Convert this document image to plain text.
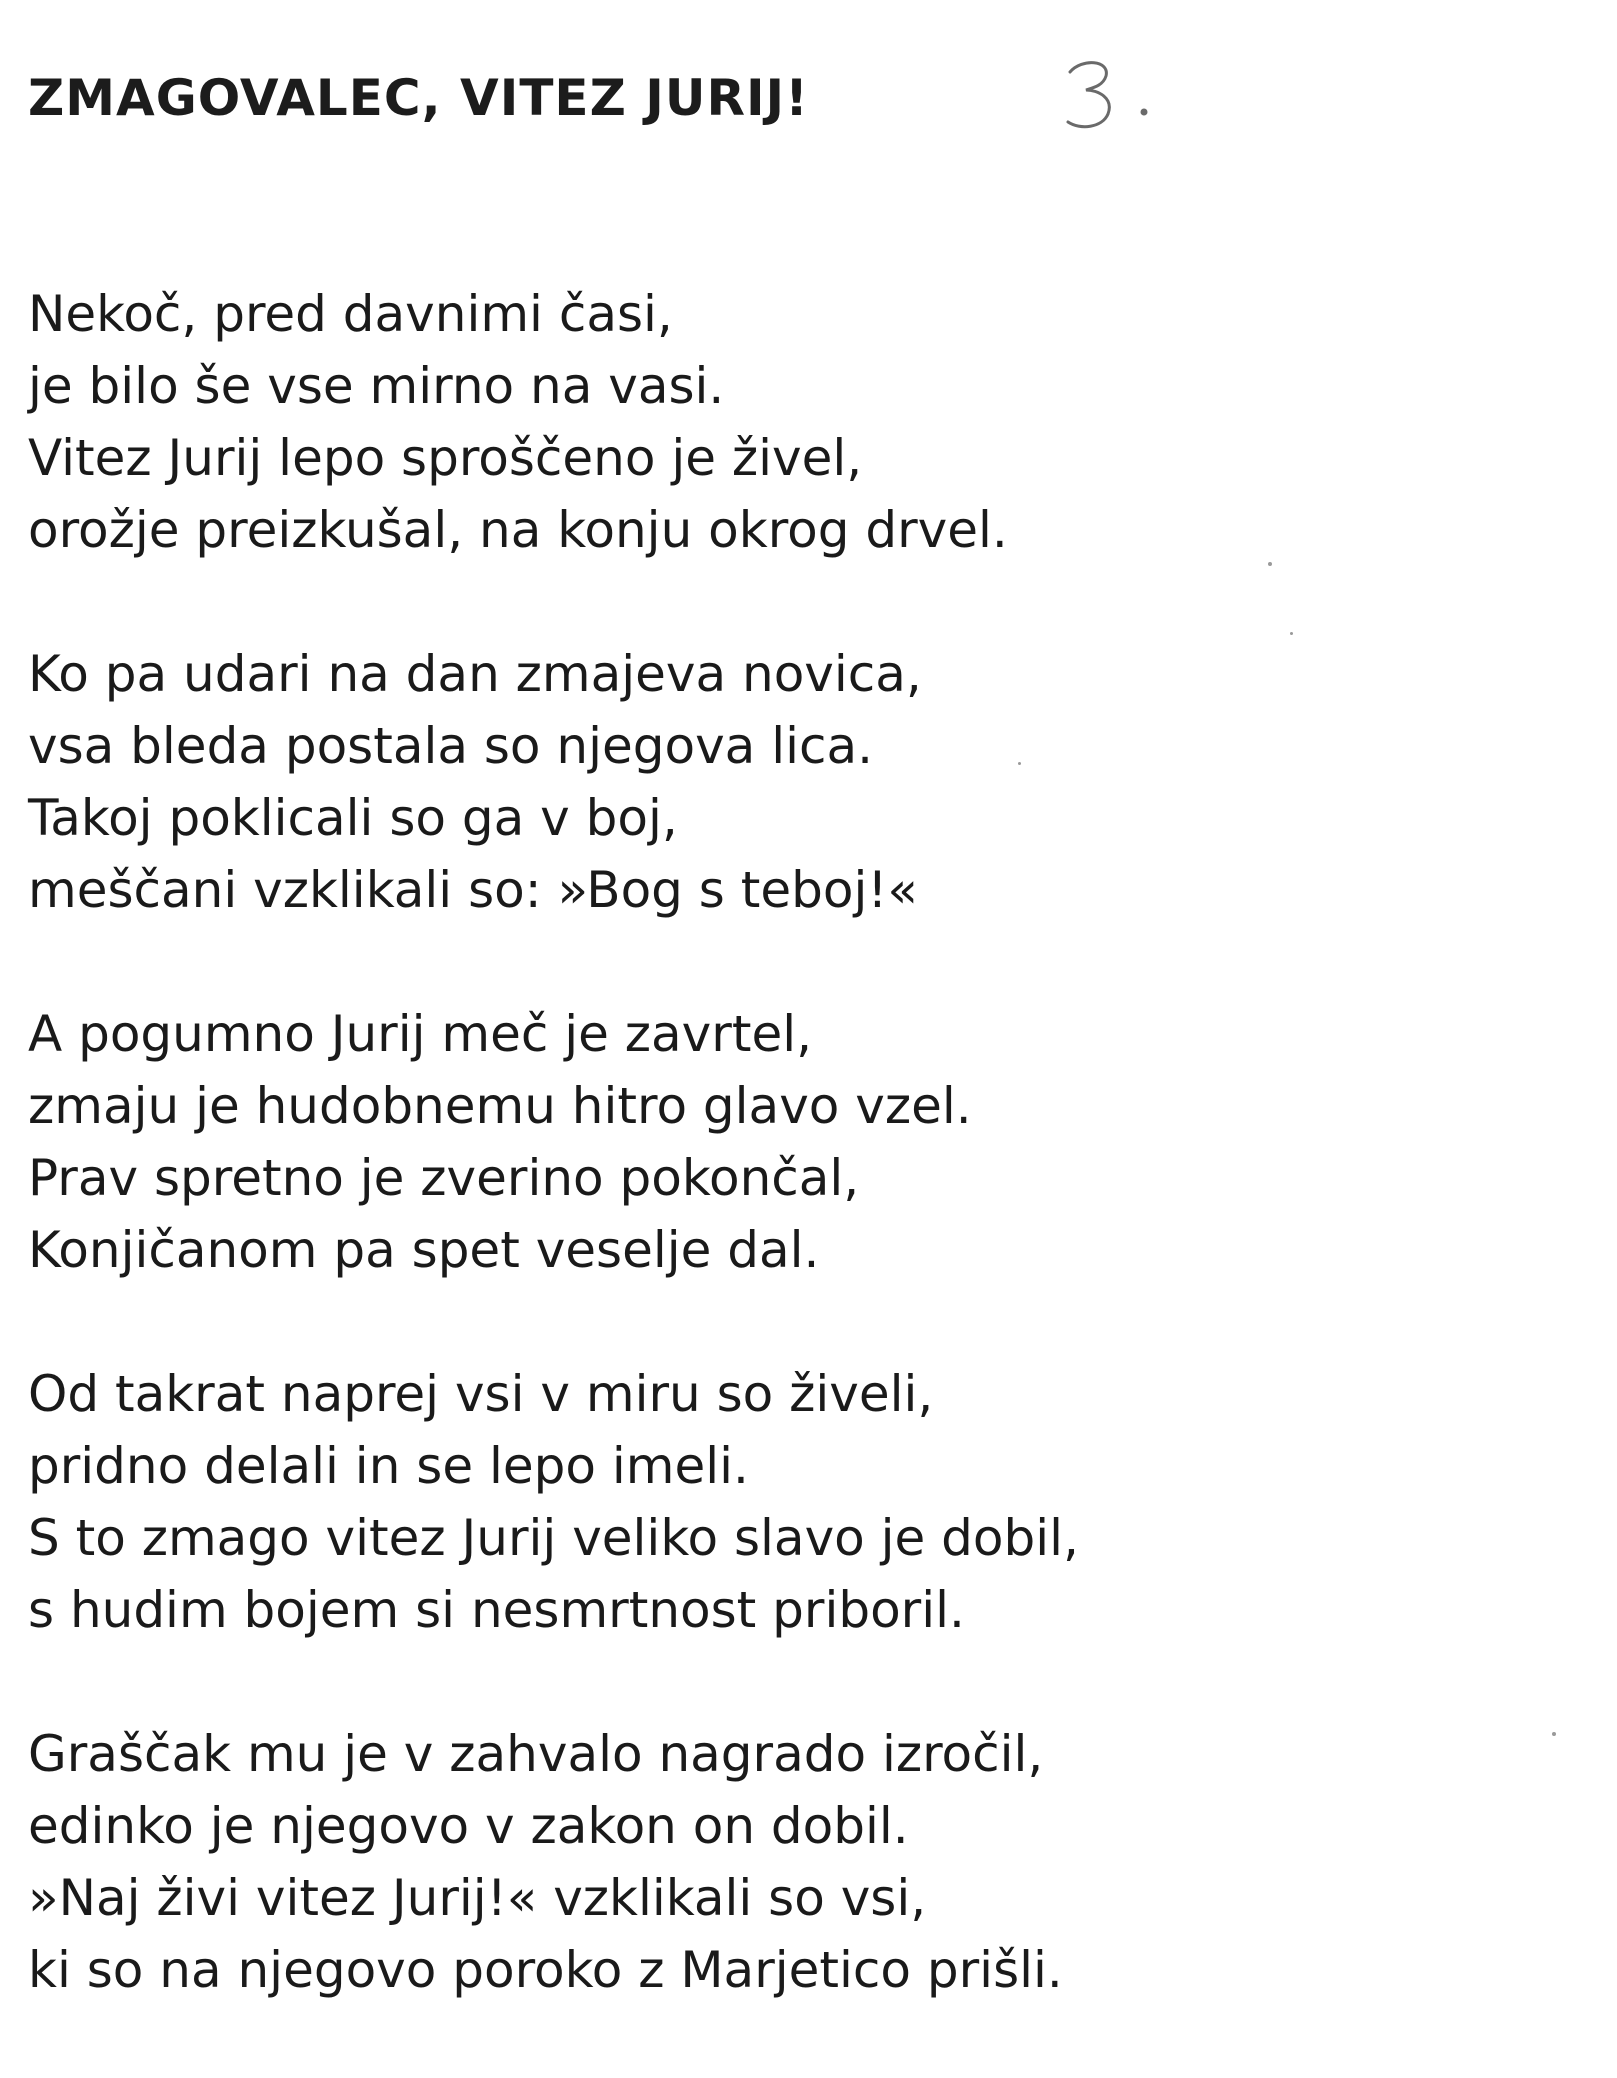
ZMAGOVALEC, VITEZ JURIJ!
Nekoč, pred davnimi časi,
je bilo še vse mirno na vasi.
Vitez Jurij lepo sproščeno je živel,
orožje preizkušal, na konju okrog drvel.
Ko pa udari na dan zmajeva novica,
vsa bleda postala so njegova lica.
Takoj poklicali so ga v boj,
meščani vzklikali so: »Bog s teboj!«
A pogumno Jurij meč je zavrtel,
zmaju je hudobnemu hitro glavo vzel.
Prav spretno je zverino pokončal,
Konjičanom pa spet veselje dal.
Od takrat naprej vsi v miru so živeli,
pridno delali in se lepo imeli.
S to zmago vitez Jurij veliko slavo je dobil,
s hudim bojem si nesmrtnost priboril.
Graščak mu je v zahvalo nagrado izročil,
edinko je njegovo v zakon on dobil.
»Naj živi vitez Jurij!« vzklikali so vsi,
ki so na njegovo poroko z Marjetico prišli.
